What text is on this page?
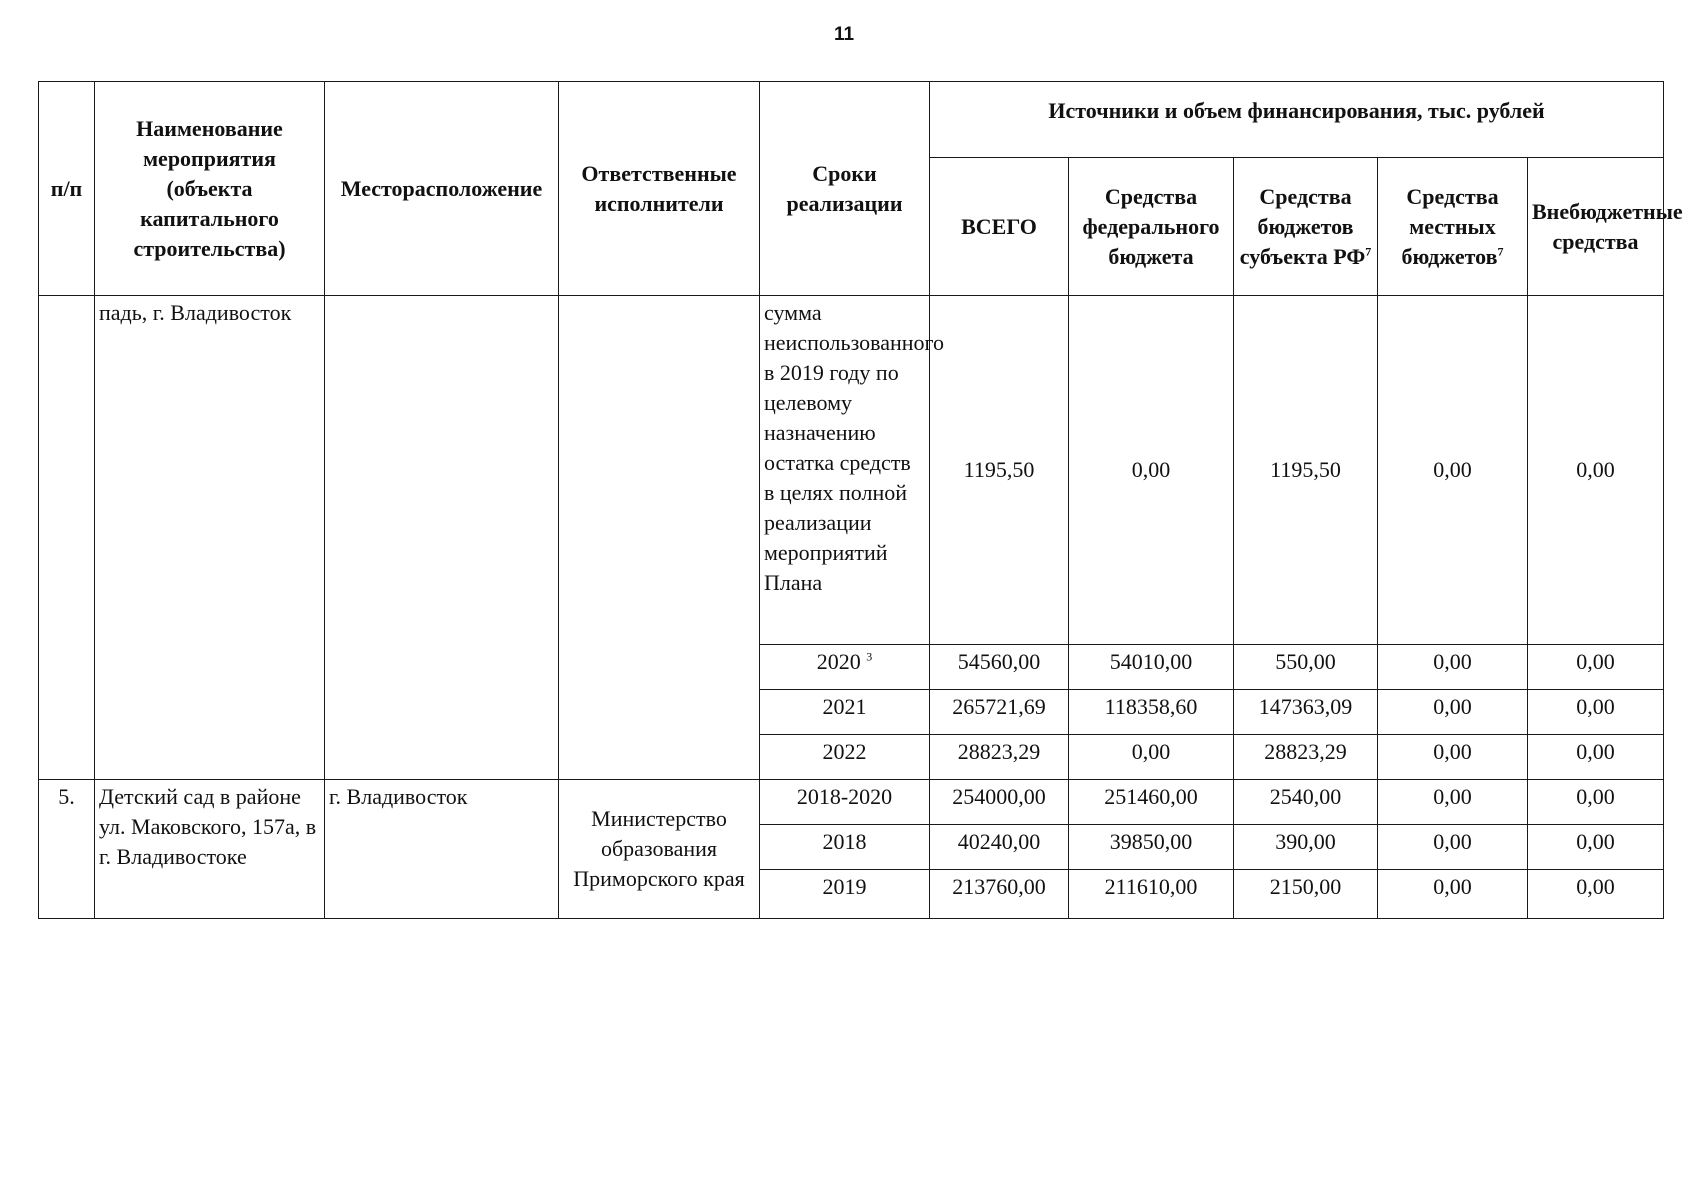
11
п/п	Наименование мероприятия (объекта капитального строительства)	Месторасположение	Ответственные исполнители	Сроки реализации	Источники и объем финансирования, тыс. рублей				
					ВСЕГО	Средства федерального бюджета	Средства бюджетов субъекта $РФ^7$	Средства местных бюджетов$^7$	Внебюджетные средства
	падь, г. Владивосток			сумма неиспользованного в 2019 году по целевому назначению остатка средств в целях полной реализации мероприятий Плана	1195,50	0,00	1195,50	0,00	0,00
				2020 $^3$	54560,00	54010,00	550,00	0,00	0,00
				2021	265721,69	118358,60	147363,09	0,00	0,00
				2022	28823,29	0,00	28823,29	0,00	0,00
5.	Детский сад в районе ул. Маковского, 157а, в г. Владивостоке	г. Владивосток	Министерство образования Приморского края	2018-2020	254000,00	251460,00	2540,00	0,00	0,00
				2018	40240,00	39850,00	390,00	0,00	0,00
				2019	213760,00	211610,00	2150,00	0,00	0,00
